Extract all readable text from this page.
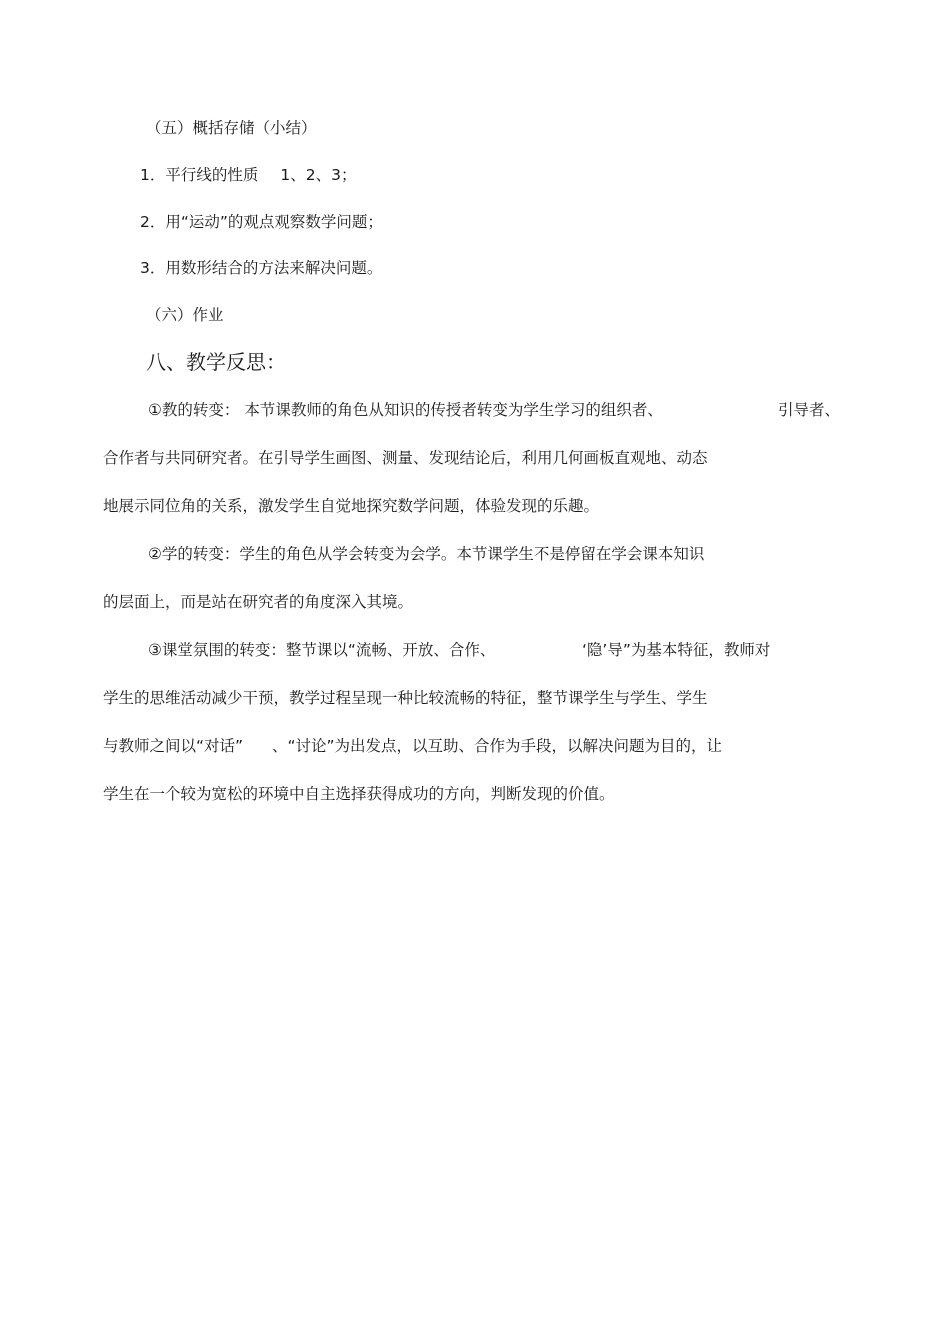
（五）概括存储（小结）
1．平行线的性质 1、2、3；
2．用“运动”的观点观察数学问题；
3．用数形结合的方法来解决问题。
（六）作业
八、教学反思：
①教的转变： 本节课教师的角色从知识的传授者转变为学生学习的组织者、	引导者、
合作者与共同研究者。在引导学生画图、测量、发现结论后，利用几何画板直观地、动态
地展示同位角的关系，激发学生自觉地探究数学问题，体验发现的乐趣。
②学的转变：学生的角色从学会转变为会学。本节课学生不是停留在学会课本知识
的层面上，而是站在研究者的角度深入其境。
③课堂氛围的转变：整节课以“流畅、开放、合作、	‘隐’导”为基本特征，教师对
学生的思维活动减少干预，教学过程呈现一种比较流畅的特征，整节课学生与学生、学生
与教师之间以“对话” 、“讨论”为出发点，以互助、合作为手段，以解决问题为目的，让
学生在一个较为宽松的环境中自主选择获得成功的方向，判断发现的价值。
